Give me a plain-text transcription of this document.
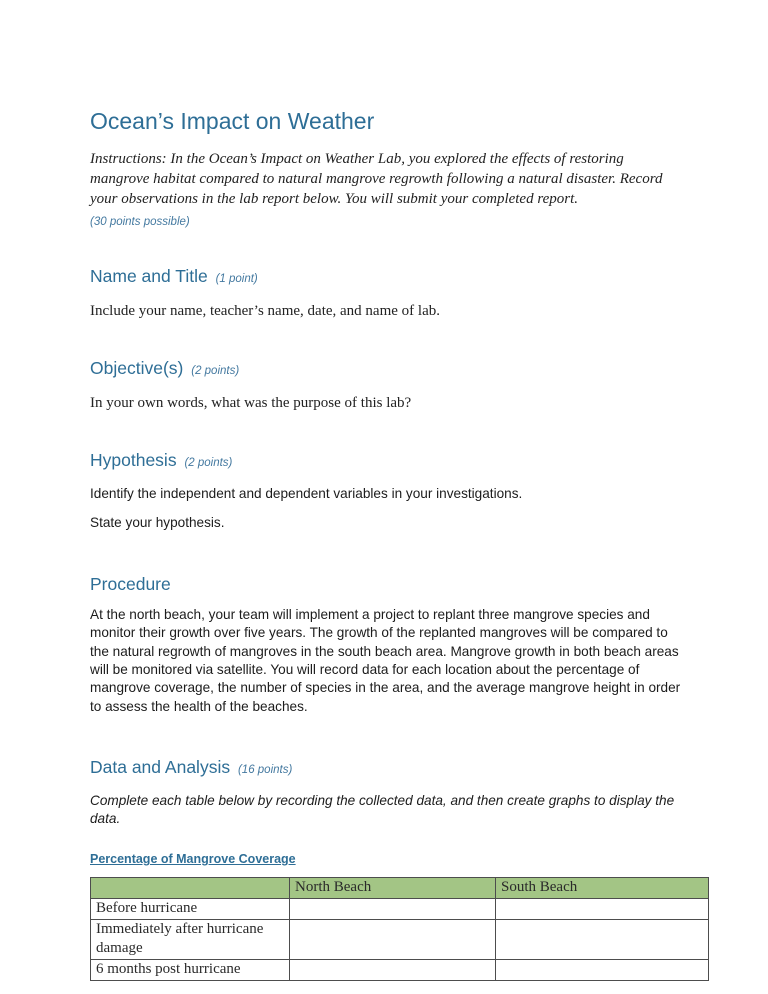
Ocean’s Impact on Weather

Instructions: In the Ocean’s Impact on Weather Lab, you explored the effects of restoring mangrove habitat compared to natural mangrove regrowth following a natural disaster. Record your observations in the lab report below. You will submit your completed report.

(30 points possible)

Name and Title (1 point)

Include your name, teacher’s name, date, and name of lab.

Objective(s) (2 points)

In your own words, what was the purpose of this lab?

Hypothesis (2 points)

Identify the independent and dependent variables in your investigations.

State your hypothesis.

Procedure

At the north beach, your team will implement a project to replant three mangrove species and monitor their growth over five years. The growth of the replanted mangroves will be compared to the natural regrowth of mangroves in the south beach area. Mangrove growth in both beach areas will be monitored via satellite. You will record data for each location about the percentage of mangrove coverage, the number of species in the area, and the average mangrove height in order to assess the health of the beaches.

Data and Analysis (16 points)

Complete each table below by recording the collected data, and then create graphs to display the data.

Percentage of Mangrove Coverage

	North Beach	South Beach
Before hurricane		
Immediately after hurricane damage		
6 months post hurricane		
